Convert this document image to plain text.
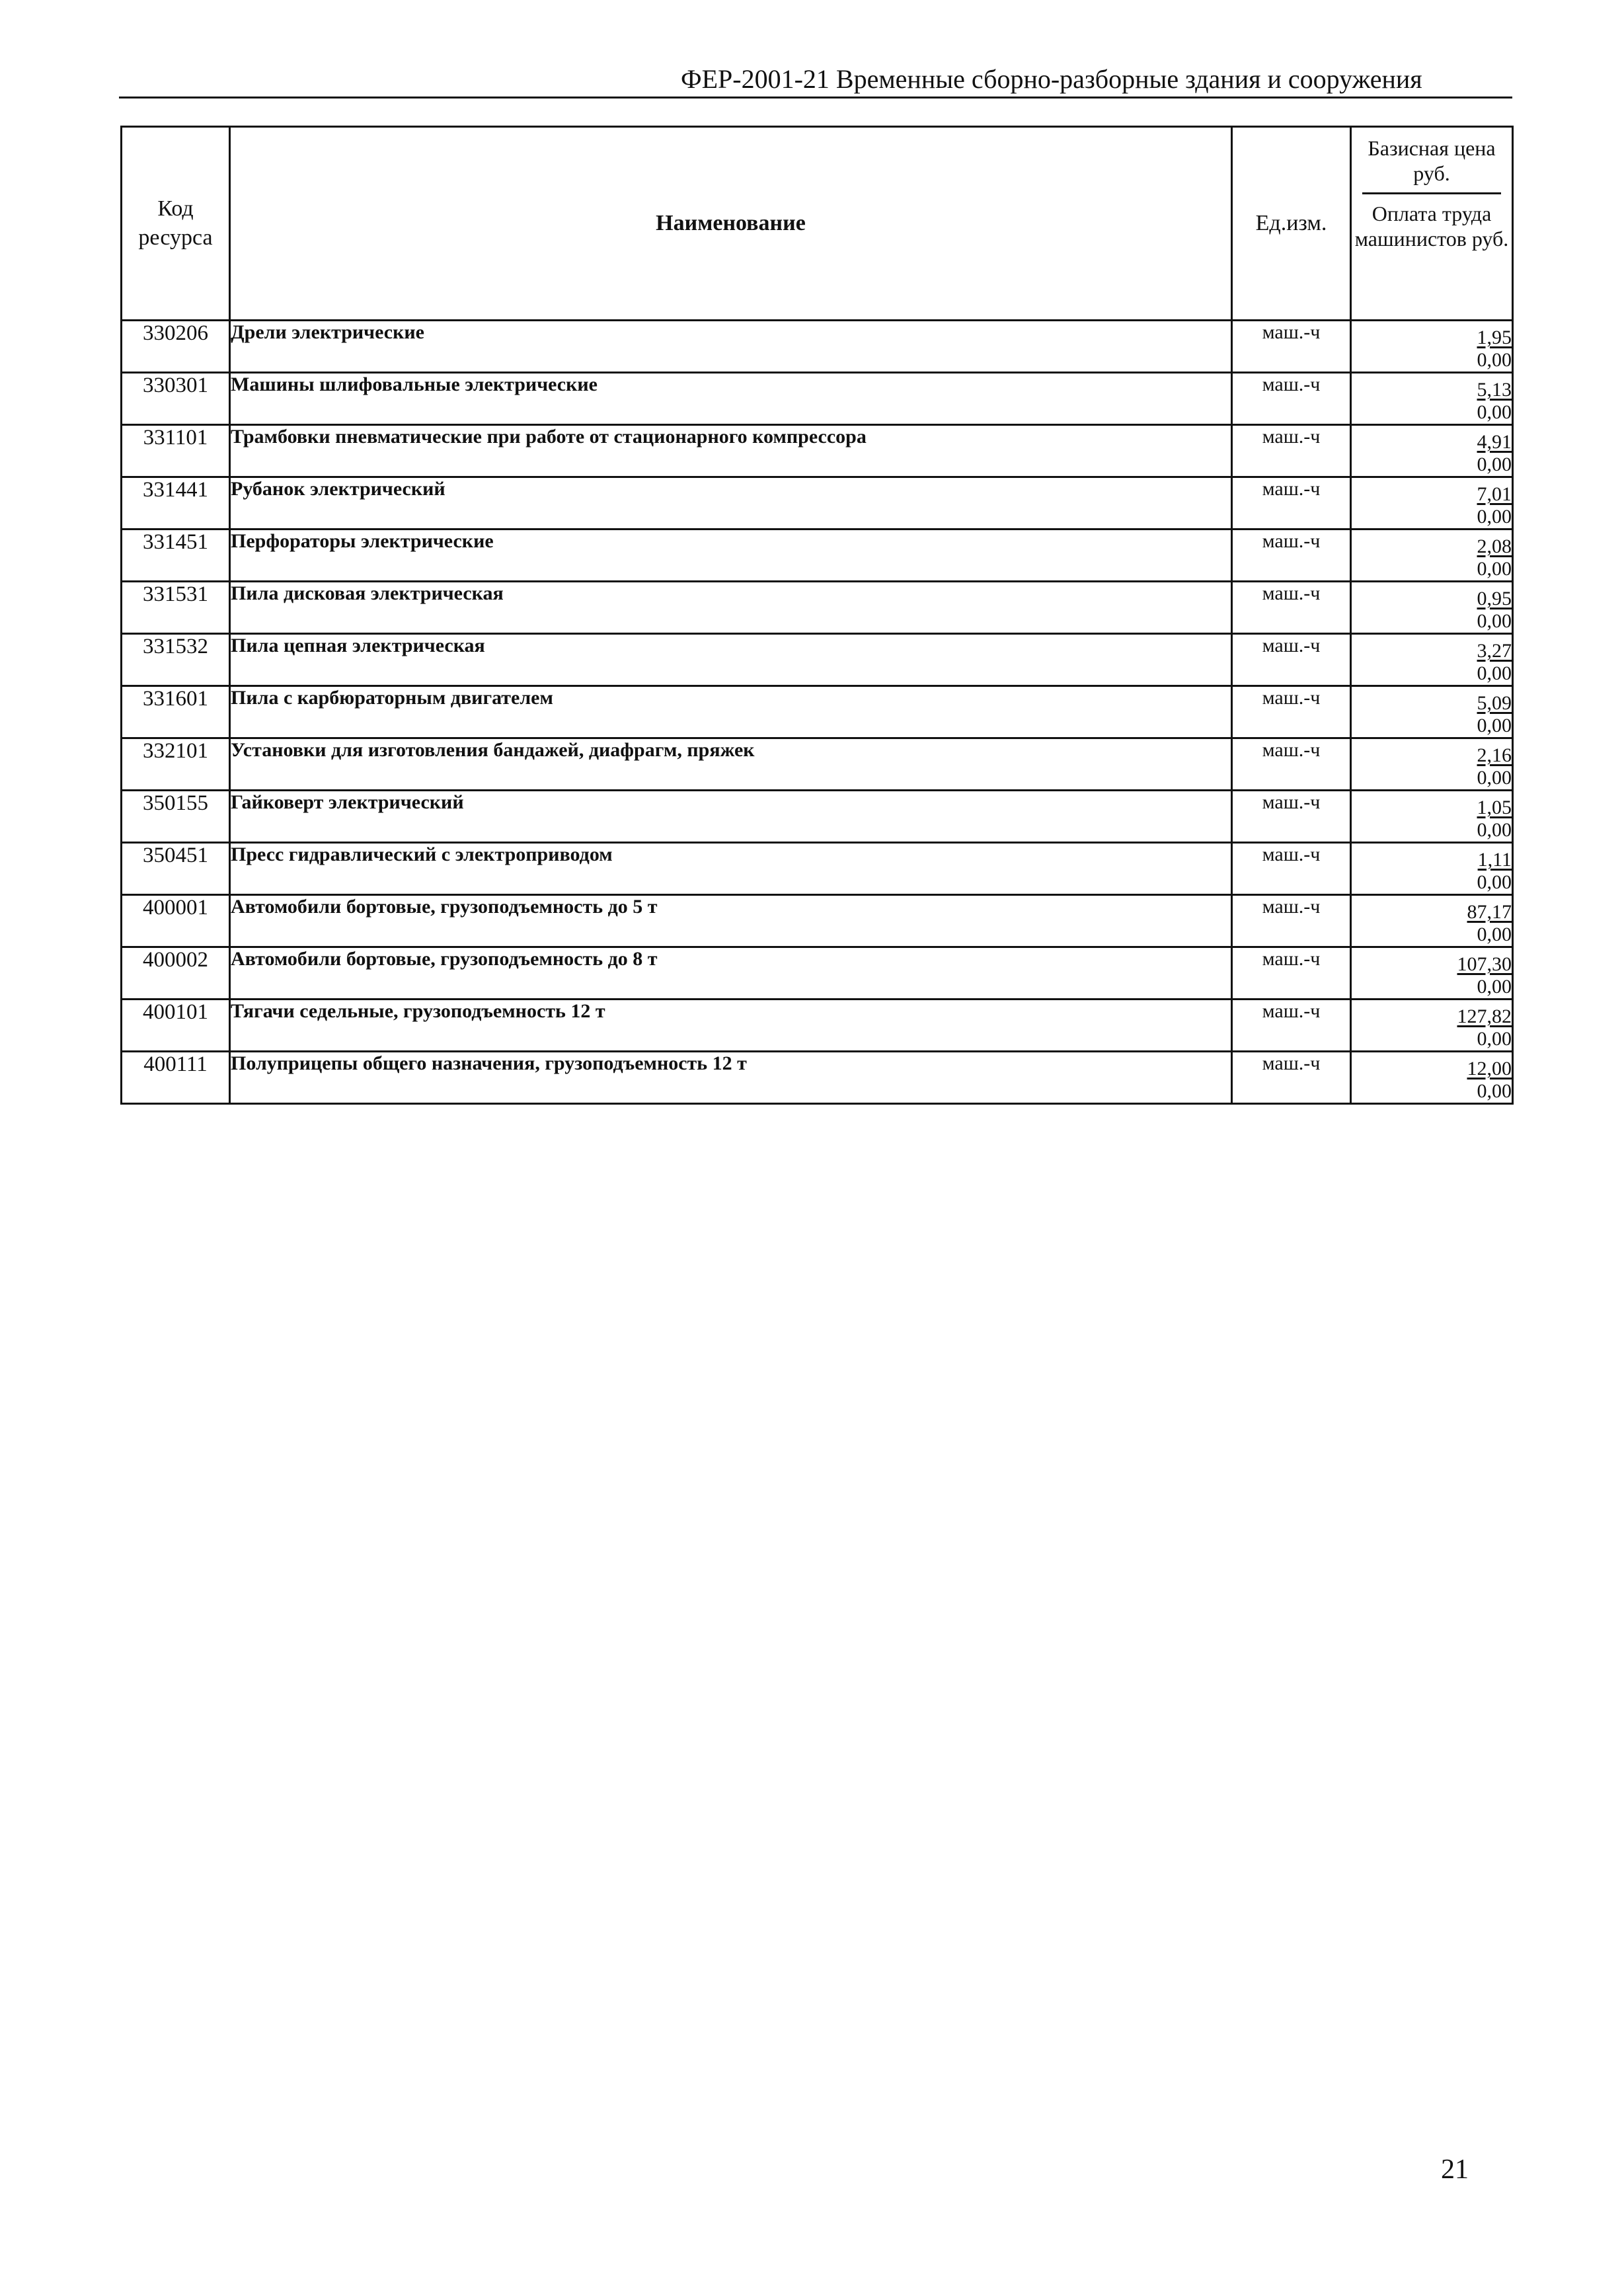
ФЕР-2001-21 Временные сборно-разборные здания и сооружения
Код ресурса	Наименование	Ед.изм.	Базисная цена руб.
Оплата труда машинистов руб.

330206	Дрели электрические	маш.-ч	1,95
0,00

330301	Машины шлифовальные электрические	маш.-ч	5,13
0,00

331101	Трамбовки пневматические при работе от стационарного компрессора	маш.-ч	4,91
0,00

331441	Рубанок электрический	маш.-ч	7,01
0,00

331451	Перфораторы электрические	маш.-ч	2,08
0,00

331531	Пила дисковая электрическая	маш.-ч	0,95
0,00

331532	Пила цепная электрическая	маш.-ч	3,27
0,00

331601	Пила с карбюраторным двигателем	маш.-ч	5,09
0,00

332101	Установки для изготовления бандажей, диафрагм, пряжек	маш.-ч	2,16
0,00

350155	Гайковерт электрический	маш.-ч	1,05
0,00

350451	Пресс гидравлический с электроприводом	маш.-ч	1,11
0,00

400001	Автомобили бортовые, грузоподъемность до 5 т	маш.-ч	87,17
0,00

400002	Автомобили бортовые, грузоподъемность до 8 т	маш.-ч	107,30
0,00

400101	Тягачи седельные, грузоподъемность 12 т	маш.-ч	127,82
0,00

400111	Полуприцепы общего назначения, грузоподъемность 12 т	маш.-ч	12,00
0,00
21
